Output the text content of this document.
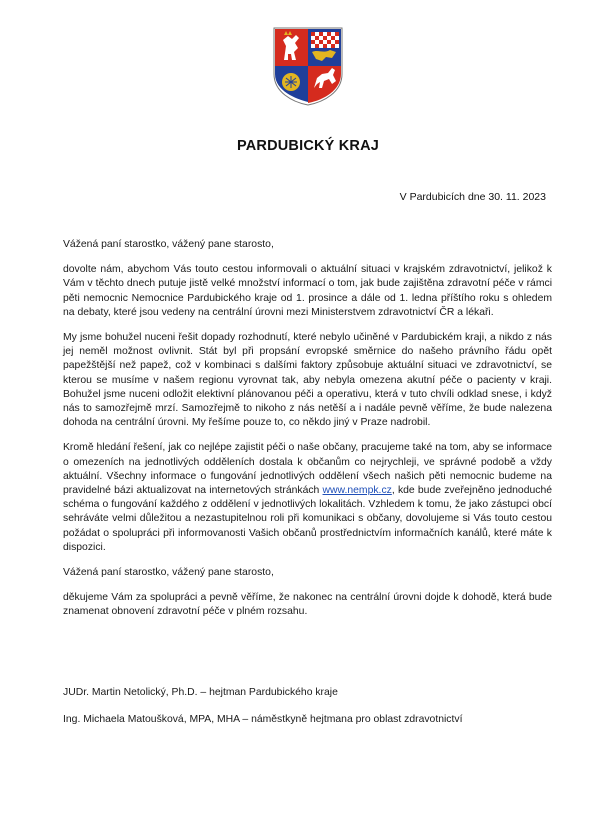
PARDUBICKÝ KRAJ
V Pardubicích dne 30. 11. 2023

Vážená paní starostko, vážený pane starosto,

dovolte nám, abychom Vás touto cestou informovali o aktuální situaci v krajském zdravotnictví, jelikož k Vám v těchto dnech putuje jistě velké množství informací o tom, jak bude zajištěna zdravotní péče v rámci pěti nemocnic Nemocnice Pardubického kraje od 1. prosince a dále od 1. ledna příštího roku s ohledem na debaty, které jsou vedeny na centrální úrovni mezi Ministerstvem zdravotnictví ČR a lékaři.

My jsme bohužel nuceni řešit dopady rozhodnutí, které nebylo učiněné v Pardubickém kraji, a nikdo z nás jej neměl možnost ovlivnit. Stát byl při propsání evropské směrnice do našeho právního řádu opět papežštější než papež, což v kombinaci s dalšími faktory způsobuje aktuální situaci ve zdravotnictví, se kterou se musíme v našem regionu vyrovnat tak, aby nebyla omezena akutní péče o pacienty v kraji. Bohužel jsme nuceni odložit elektivní plánovanou péči a operativu, která v tuto chvíli odklad snese, i když nás to samozřejmě mrzí. Samozřejmě to nikoho z nás netěší a i nadále pevně věříme, že bude nalezena dohoda na centrální úrovni. My řešíme pouze to, co někdo jiný v Praze nadrobil.

Kromě hledání řešení, jak co nejlépe zajistit péči o naše občany, pracujeme také na tom, aby se informace o omezeních na jednotlivých odděleních dostala k občanům co nejrychleji, ve správné podobě a vždy aktuální. Všechny informace o fungování jednotlivých oddělení všech našich pěti nemocnic budeme na pravidelné bázi aktualizovat na internetových stránkách www.nempk.cz, kde bude zveřejněno jednoduché schéma o fungování každého z oddělení v jednotlivých lokalitách. Vzhledem k tomu, že jako zástupci obcí sehráváte velmi důležitou a nezastupitelnou roli při komunikaci s občany, dovolujeme si Vás touto cestou požádat o spolupráci při informovanosti Vašich občanů prostřednictvím informačních kanálů, které máte k dispozici.

Vážená paní starostko, vážený pane starosto,

děkujeme Vám za spolupráci a pevně věříme, že nakonec na centrální úrovni dojde k dohodě, která bude znamenat obnovení zdravotní péče v plném rozsahu.

JUDr. Martin Netolický, Ph.D. – hejtman Pardubického kraje

Ing. Michaela Matoušková, MPA, MHA – náměstkyně hejtmana pro oblast zdravotnictví
